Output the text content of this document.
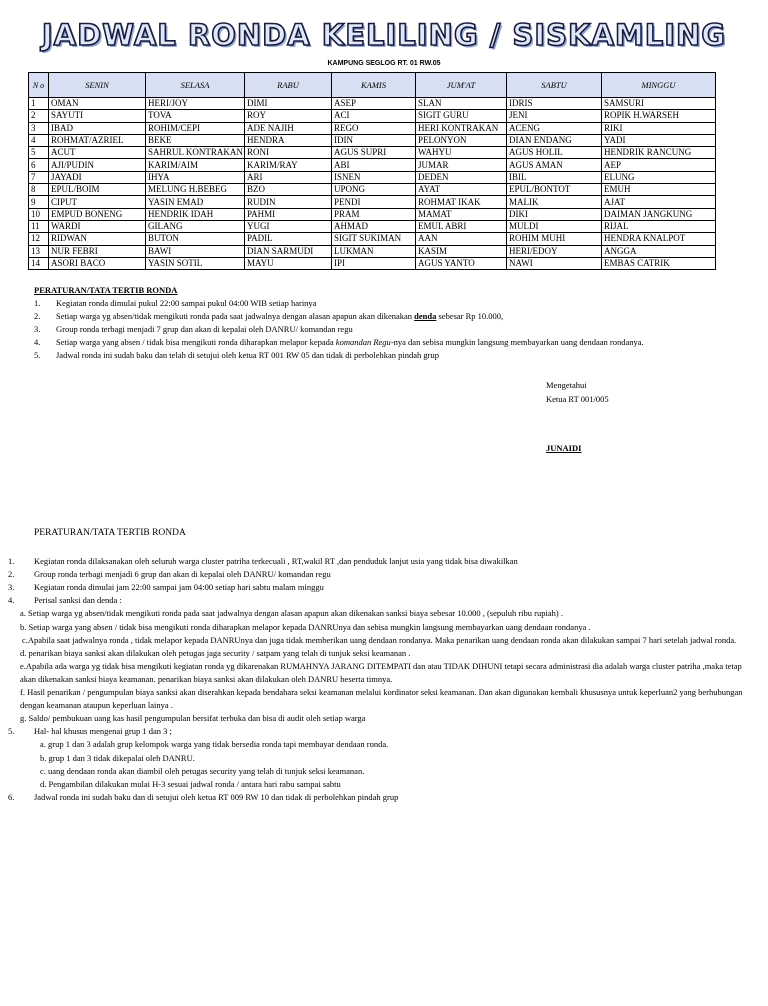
JADWAL RONDA KELILING / SISKAMLING
KAMPUNG SEGLOG RT. 01 RW.05
N o	SENIN	SELASA	RABU	KAMIS	JUM'AT	SABTU	MINGGU
1	OMAN	HERI/JOY	DIMI	ASEP	SLAN	IDRIS	SAMSURI
2	SAYUTI	TOVA	ROY	ACI	SIGIT GURU	JENI	ROPIK H.WARSEH
3	IBAD	ROHIM/CEPI	ADE NAJIH	REGO	HERI KONTRAKAN	ACENG	RIKI
4	ROHMAT/AZRIEL	BEKE	HENDRA	IDIN	PELONYON	DIAN ENDANG	YADI
5	ACUT	SAHRUL KONTRAKAN	RONI	AGUS SUPRI	WAHYU	AGUS HOLIL	HENDRIK RANCUNG
6	AJI/PUDIN	KARIM/AIM	KARIM/RAY	ABI	JUMAR	AGUS AMAN	AEP
7	JAYADI	IHYA	ARI	ISNEN	DEDEN	IBIL	ELUNG
8	EPUL/BOIM	MELUNG H.BEBEG	BZO	UPONG	AYAT	EPUL/BONTOT	EMUH
9	CIPUT	YASIN EMAD	RUDIN	PENDI	ROHMAT IKAK	MALIK	AJAT
10	EMPUD BONENG	HENDRIK IDAH	PAHMI	PRAM	MAMAT	DIKI	DAIMAN JANGKUNG
11	WARDI	GILANG	YUGI	AHMAD	EMUL ABRI	MULDI	RIJAL
12	RIDWAN	BUTON	PADIL	SIGIT SUKIMAN	AAN	ROHIM MUHI	HENDRA KNALPOT
13	NUR FEBRI	BAWI	DIAN SARMUDI	LUKMAN	KASIM	HERI/EDOY	ANGGA
14	ASORI BACO	YASIN SOTIL	MAYU	IPI	AGUS YANTO	NAWI	EMBAS CATRIK
PERATURAN/TATA TERTIB RONDA
1.	Kegiatan ronda dimulai pukul 22:00 sampai pukul 04:00 WIB setiap harinya
2.	Setiap warga yg absen/tidak mengikuti ronda pada saat jadwalnya dengan alasan apapun akan dikenakan denda sebesar Rp 10.000,
3.	Group ronda terbagi menjadi 7 grup dan akan di kepalai oleh DANRU/ komandan regu
4.	Setiap warga yang absen / tidak bisa mengikuti ronda diharapkan melapor kepada komandan Regu-nya dan sebisa mungkin langsung membayarkan uang dendaan rondanya.
5.	Jadwal ronda ini sudah baku dan telah di setujui oleh ketua RT 001 RW 05 dan tidak di perbolehkan pindah grup
Mengetahui
Ketua RT 001/005
JUNAIDI
PERATURAN/TATA TERTIB RONDA
1.	Kegiatan ronda dilaksanakan oleh seluruh warga cluster patriha terkecuali , RT,wakil RT ,dan penduduk lanjut usia yang tidak bisa diwakilkan
2.	Group ronda terbagi menjadi 6 grup dan akan di kepalai oleh DANRU/ komandan regu
3.	Kegiatan ronda dimulai jam 22:00 sampai jam 04:00 setiap hari sabtu malam minggu
4.	Perisal sanksi dan denda :
a. Setiap warga yg absen/tidak mengikuti ronda pada saat jadwalnya dengan alasan apapun akan dikenakan sanksi biaya sebesar 10.000 , (sepuluh ribu rupiah) .
b. Setiap warga yang absen / tidak bisa mengikuti ronda diharapkan melapor kepada DANRUnya dan sebisa mungkin langsung membayarkan uang dendaan rondanya .
c.Apabila saat jadwalnya ronda , tidak melapor kepada DANRUnya dan juga tidak memberikan uang dendaan rondanya. Maka penarikan uang dendaan ronda akan dilakukan sampai 7 hari setelah jadwal ronda.
d. penarikan biaya sanksi akan dilakukan oleh petugas jaga security / satpam yang telah di tunjuk seksi keamanan .
e.Apabila ada warga yg tidak bisa mengikuti kegiatan ronda yg dikarenakan RUMAHNYA JARANG DITEMPATI dan atau TIDAK DIHUNI tetapi secara administrasi dia adalah warga cluster patriha ,maka tetap akan dikenakan sanksi biaya keamanan. penarikan biaya sanksi akan dilakukan oleh DANRU beserta timnya.
f. Hasil penarikan / pengumpulan biaya sanksi akan diserahkan kepada bendahara seksi keamanan melalui kordinator seksi keamanan. Dan akan digunakan kembali khususnya untuk keperluan2 yang berhubungan dengan keamanan ataupun keperluan lainya .
g. Saldo/ pembukuan uang kas hasil pengumpulan bersifat terbuka dan bisa di audit oleh setiap warga
5.	Hal- hal khusus mengenai grup 1 dan 3 ;
a. grup 1 dan 3 adalah grup kelompok warga yang tidak bersedia ronda tapi membayar dendaan ronda.
b. grup 1 dan 3 tidak dikepalai oleh DANRU.
c. uang dendaan ronda akan diambil oleh petugas security yang telah di tunjuk seksi keamanan.
d. Pengambilan dilakukan mulai H-3 sesuai jadwal ronda / antara hari rabu sampai sabtu
6.	Jadwal ronda ini sudah baku dan di setujui oleh ketua RT 009 RW 10 dan tidak di perbolehkan pindah grup
